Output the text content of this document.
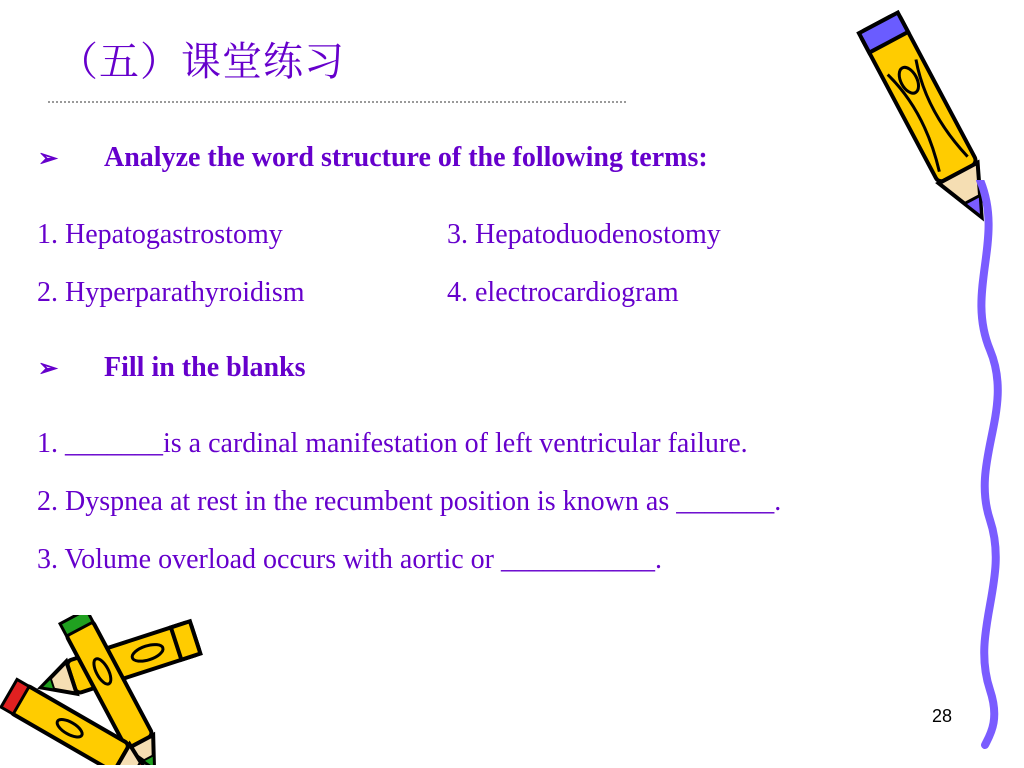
（五）课堂练习
➢ Analyze the word structure of the following terms:
1. Hepatogastrostomy	3. Hepatoduodenostomy
2. Hyperparathyroidism	4. electrocardiogram
➢ Fill in the blanks
1. _______is a cardinal manifestation of left ventricular failure.
2. Dyspnea at rest in the recumbent position is known as _______.
3. Volume overload occurs with aortic or ___________.
28
